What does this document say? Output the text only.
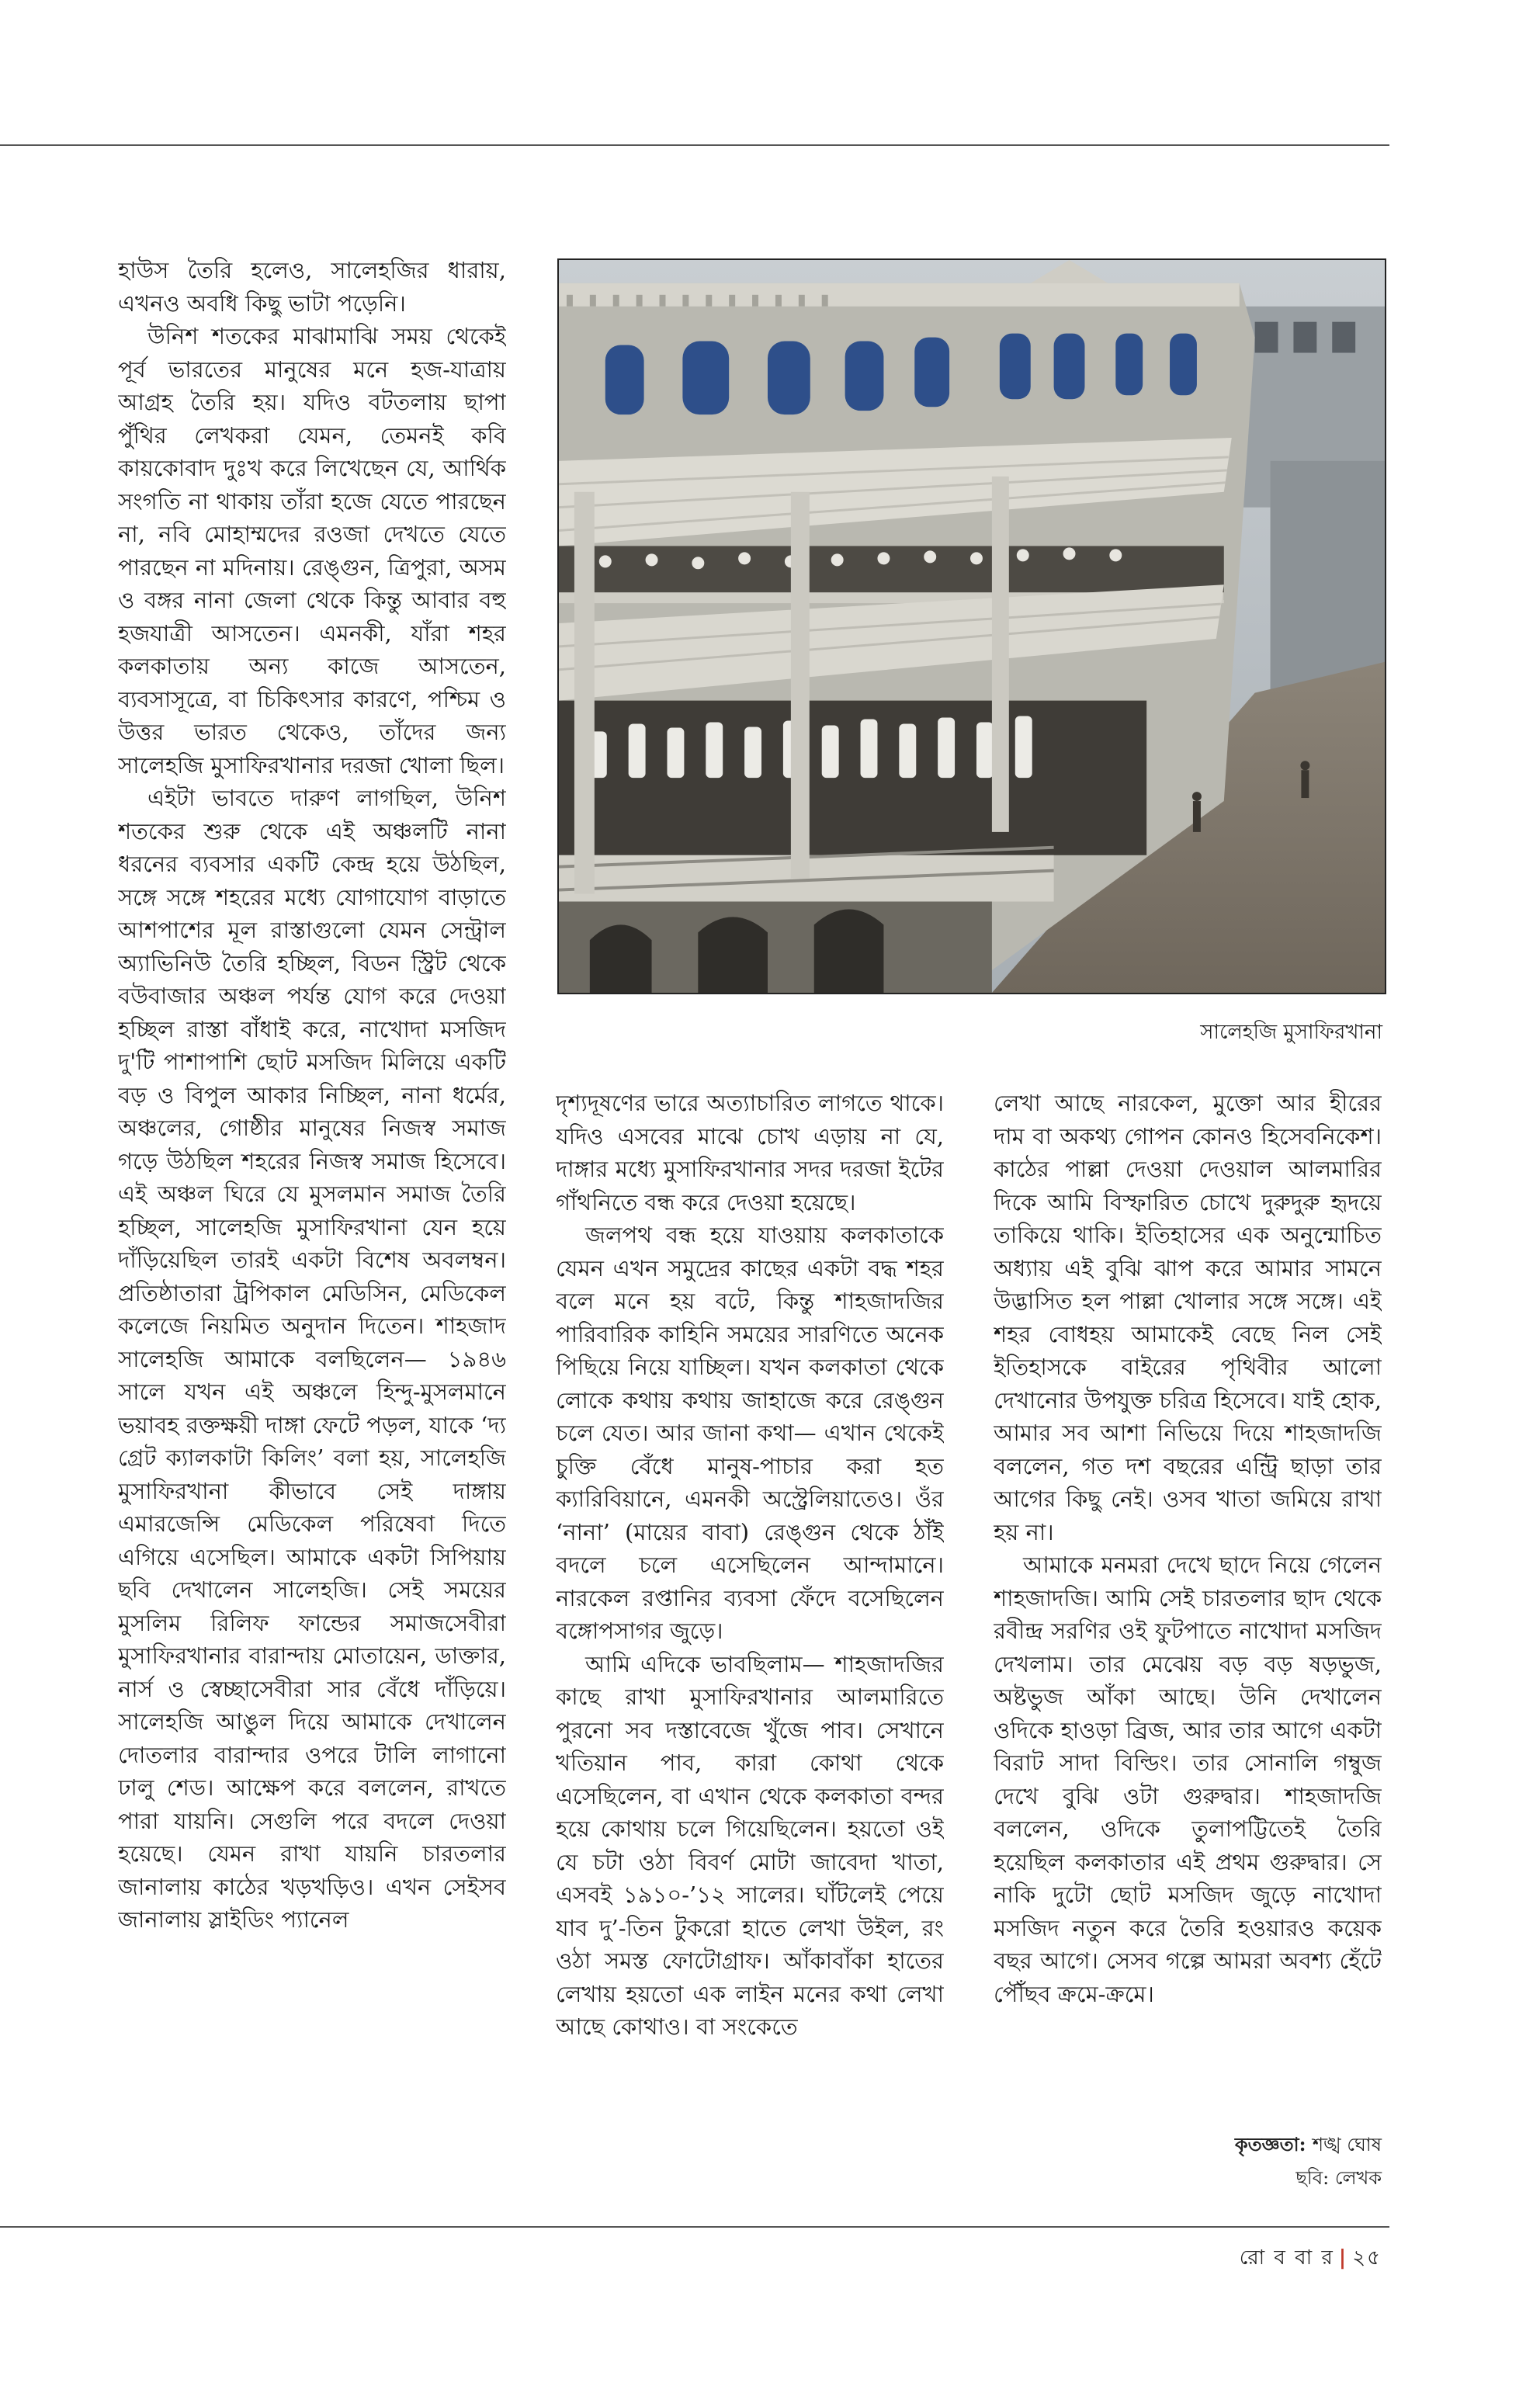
হাউস তৈরি হলেও, সালেহজির ধারায়, এখনও অবধি কিছু ভাটা পড়েনি।

উনিশ শতকের মাঝামাঝি সময় থেকেই পূর্ব ভারতের মানুষের মনে হজ-যাত্রায় আগ্রহ তৈরি হয়। যদিও বটতলায় ছাপা পুঁথির লেখকরা যেমন, তেমনই কবি কায়কোবাদ দুঃখ করে লিখেছেন যে, আর্থিক সংগতি না থাকায় তাঁরা হজে যেতে পারছেন না, নবি মোহাম্মদের রওজা দেখতে যেতে পারছেন না মদিনায়। রেঙ্গুন, ত্রিপুরা, অসম ও বঙ্গর নানা জেলা থেকে কিন্তু আবার বহু হজযাত্রী আসতেন। এমনকী, যাঁরা শহর কলকাতায় অন্য কাজে আসতেন, ব্যবসাসূত্রে, বা চিকিৎসার কারণে, পশ্চিম ও উত্তর ভারত থেকেও, তাঁদের জন্য সালেহজি মুসাফিরখানার দরজা খোলা ছিল।

এইটা ভাবতে দারুণ লাগছিল, উনিশ শতকের শুরু থেকে এই অঞ্চলটি নানা ধরনের ব্যবসার একটি কেন্দ্র হয়ে উঠছিল, সঙ্গে সঙ্গে শহরের মধ্যে যোগাযোগ বাড়াতে আশপাশের মূল রাস্তাগুলো যেমন সেন্ট্রাল অ্যাভিনিউ তৈরি হচ্ছিল, বিডন স্ট্রিট থেকে বউবাজার অঞ্চল পর্যন্ত যোগ করে দেওয়া হচ্ছিল রাস্তা বাঁধাই করে, নাখোদা মসজিদ দু'টি পাশাপাশি ছোট মসজিদ মিলিয়ে একটি বড় ও বিপুল আকার নিচ্ছিল, নানা ধর্মের, অঞ্চলের, গোষ্ঠীর মানুষের নিজস্ব সমাজ গড়ে উঠছিল শহরের নিজস্ব সমাজ হিসেবে। এই অঞ্চল ঘিরে যে মুসলমান সমাজ তৈরি হচ্ছিল, সালেহজি মুসাফিরখানা যেন হয়ে দাঁড়িয়েছিল তারই একটা বিশেষ অবলম্বন। প্রতিষ্ঠাতারা ট্রপিকাল মেডিসিন, মেডিকেল কলেজে নিয়মিত অনুদান দিতেন। শাহজাদ সালেহজি আমাকে বলছিলেন— ১৯৪৬ সালে যখন এই অঞ্চলে হিন্দু-মুসলমানে ভয়াবহ রক্তক্ষয়ী দাঙ্গা ফেটে পড়ল, যাকে ‘দ্য গ্রেট ক্যালকাটা কিলিং’ বলা হয়, সালেহজি মুসাফিরখানা কীভাবে সেই দাঙ্গায় এমারজেন্সি মেডিকেল পরিষেবা দিতে এগিয়ে এসেছিল। আমাকে একটা সিপিয়ায় ছবি দেখালেন সালেহজি। সেই সময়ের মুসলিম রিলিফ ফান্ডের সমাজসেবীরা মুসাফিরখানার বারান্দায় মোতায়েন, ডাক্তার, নার্স ও স্বেচ্ছাসেবীরা সার বেঁধে দাঁড়িয়ে। সালেহজি আঙুল দিয়ে আমাকে দেখালেন দোতলার বারান্দার ওপরে টালি লাগানো ঢালু শেড। আক্ষেপ করে বললেন, রাখতে পারা যায়নি। সেগুলি পরে বদলে দেওয়া হয়েছে। যেমন রাখা যায়নি চারতলার জানালায় কাঠের খড়খড়িও। এখন সেইসব জানালায় স্লাইডিং প্যানেল

সালেহজি মুসাফিরখানা

দৃশ্যদূষণের ভারে অত্যাচারিত লাগতে থাকে। যদিও এসবের মাঝে চোখ এড়ায় না যে, দাঙ্গার মধ্যে মুসাফিরখানার সদর দরজা ইটের গাঁথনিতে বন্ধ করে দেওয়া হয়েছে।

জলপথ বন্ধ হয়ে যাওয়ায় কলকাতাকে যেমন এখন সমুদ্রের কাছের একটা বদ্ধ শহর বলে মনে হয় বটে, কিন্তু শাহজাদজির পারিবারিক কাহিনি সময়ের সারণিতে অনেক পিছিয়ে নিয়ে যাচ্ছিল। যখন কলকাতা থেকে লোকে কথায় কথায় জাহাজে করে রেঙ্গুন চলে যেত। আর জানা কথা— এখান থেকেই চুক্তি বেঁধে মানুষ-পাচার করা হত ক্যারিবিয়ানে, এমনকী অস্ট্রেলিয়াতেও। ওঁর ‘নানা’ (মায়ের বাবা) রেঙ্গুন থেকে ঠাঁই বদলে চলে এসেছিলেন আন্দামানে। নারকেল রপ্তানির ব্যবসা ফেঁদে বসেছিলেন বঙ্গোপসাগর জুড়ে।

আমি এদিকে ভাবছিলাম— শাহজাদজির কাছে রাখা মুসাফিরখানার আলমারিতে পুরনো সব দস্তাবেজে খুঁজে পাব। সেখানে খতিয়ান পাব, কারা কোথা থেকে এসেছিলেন, বা এখান থেকে কলকাতা বন্দর হয়ে কোথায় চলে গিয়েছিলেন। হয়তো ওই যে চটা ওঠা বিবর্ণ মোটা জাবেদা খাতা, এসবই ১৯১০-’১২ সালের। ঘাঁটলেই পেয়ে যাব দু’-তিন টুকরো হাতে লেখা উইল, রং ওঠা সমস্ত ফোটোগ্রাফ। আঁকাবাঁকা হাতের লেখায় হয়তো এক লাইন মনের কথা লেখা আছে কোথাও। বা সংকেতে

লেখা আছে নারকেল, মুক্তো আর হীরের দাম বা অকথ্য গোপন কোনও হিসেবনিকেশ। কাঠের পাল্লা দেওয়া দেওয়াল আলমারির দিকে আমি বিস্ফারিত চোখে দুরুদুরু হৃদয়ে তাকিয়ে থাকি। ইতিহাসের এক অনুন্মোচিত অধ্যায় এই বুঝি ঝাপ করে আমার সামনে উদ্ভাসিত হল পাল্লা খোলার সঙ্গে সঙ্গে। এই শহর বোধহয় আমাকেই বেছে নিল সেই ইতিহাসকে বাইরের পৃথিবীর আলো দেখানোর উপযুক্ত চরিত্র হিসেবে। যাই হোক, আমার সব আশা নিভিয়ে দিয়ে শাহজাদজি বললেন, গত দশ বছরের এন্ট্রি ছাড়া তার আগের কিছু নেই। ওসব খাতা জমিয়ে রাখা হয় না।

আমাকে মনমরা দেখে ছাদে নিয়ে গেলেন শাহজাদজি। আমি সেই চারতলার ছাদ থেকে রবীন্দ্র সরণির ওই ফুটপাতে নাখোদা মসজিদ দেখলাম। তার মেঝেয় বড় বড় ষড়ভুজ, অষ্টভুজ আঁকা আছে। উনি দেখালেন ওদিকে হাওড়া ব্রিজ, আর তার আগে একটা বিরাট সাদা বিল্ডিং। তার সোনালি গম্বুজ দেখে বুঝি ওটা গুরুদ্বার। শাহজাদজি বললেন, ওদিকে তুলাপট্টিতেই তৈরি হয়েছিল কলকাতার এই প্রথম গুরুদ্বার। সে নাকি দুটো ছোট মসজিদ জুড়ে নাখোদা মসজিদ নতুন করে তৈরি হওয়ারও কয়েক বছর আগে। সেসব গল্পে আমরা অবশ্য হেঁটে পৌঁছব ক্রমে-ক্রমে।

কৃতজ্ঞতা: শঙ্খ ঘোষ
ছবি: লেখক
রো ব বা র | ২৫
